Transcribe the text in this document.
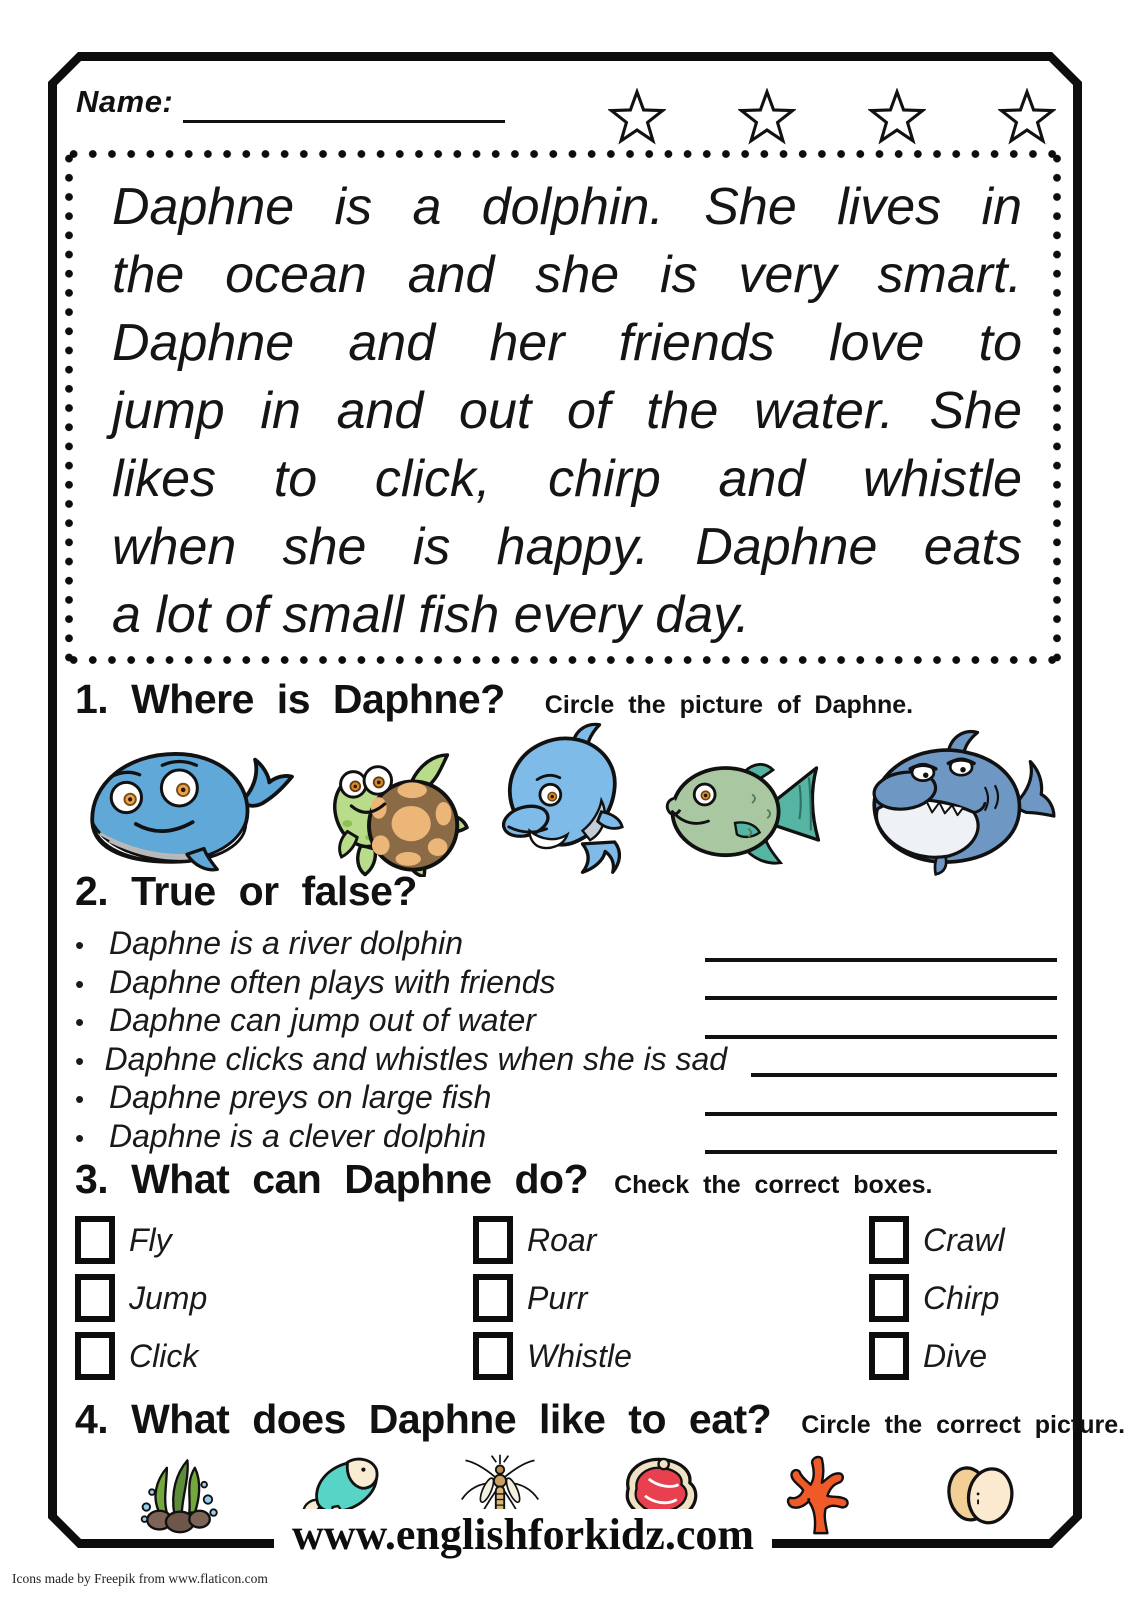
Name:
Daphne is a dolphin. She lives in
the ocean and she is very smart.
Daphne and her friends love to
jump in and out of the water. She
likes to click, chirp and whistle
when she is happy. Daphne eats
a lot of small fish every day.
1. Where is Daphne? Circle the picture of Daphne.
2. True or false?
• Daphne is a river dolphin
• Daphne often plays with friends
• Daphne can jump out of water
• Daphne clicks and whistles when she is sad
• Daphne preys on large fish
• Daphne is a clever dolphin
3. What can Daphne do? Check the correct boxes.
Fly	Roar	Crawl
Jump	Purr	Chirp
Click	Whistle	Dive
4. What does Daphne like to eat? Circle the correct picture.
www.englishforkidz.com
Icons made by Freepik from www.flaticon.com
